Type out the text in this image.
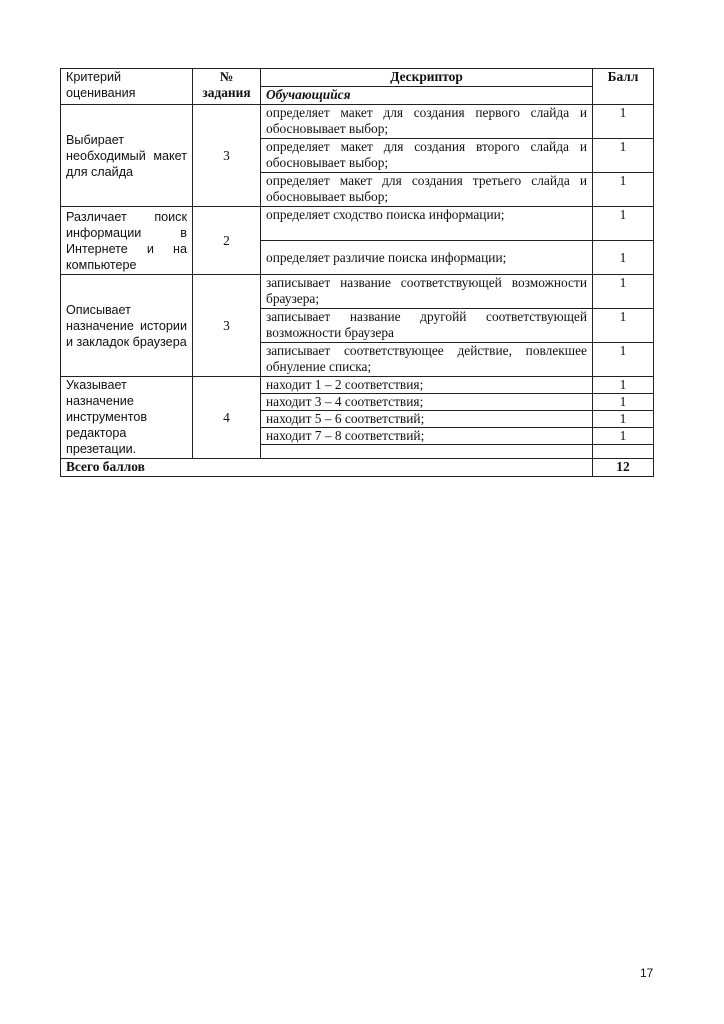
Критерий оценивания	№ задания	Дескриптор	Балл
		Обучающийся	

Выбирает необходимый макет для слайда	3	определяет макет для создания первого слайда и обосновывает выбор;	1
		определяет макет для создания второго слайда и обосновывает выбор;	1
		определяет макет для создания третьего слайда и обосновывает выбор;	1

Различает поиск информации в Интернете и на компьютере	2	определяет сходство поиска информации;	1
		определяет различие поиска информации;	1

Описывает назначение истории и закладок браузера	3	записывает название соответствующей возможности браузера;	1
		записывает название другойй соответствующей возможности браузера	1
		записывает соответствующее действие, повлекшее обнуление списка;	1

Указывает назначение инструментов редактора презетации.	4	находит 1 – 2 соответствия;	1
		находит 3 – 4 соответствия;	1
		находит 5 – 6 соответствий;	1
		находит 7 – 8 соответствий;	1

Всего баллов			12
17
